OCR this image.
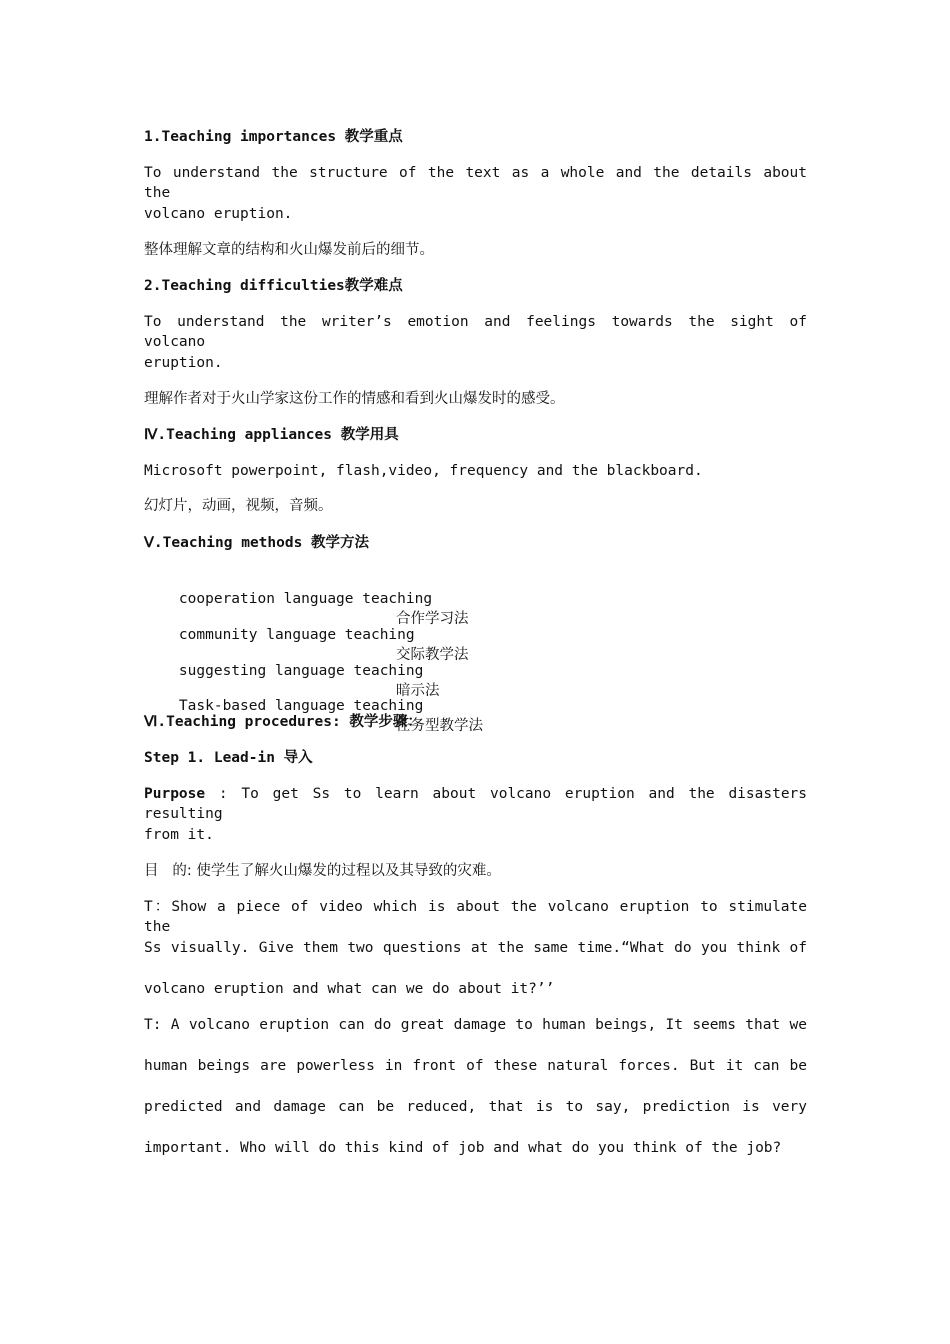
1.Teaching importances 教学重点
To understand the structure of the text as a whole and the details about the
volcano eruption.
整体理解文章的结构和火山爆发前后的细节。
2.Teaching difficulties教学难点
To understand the writer’s emotion and feelings towards the sight of volcano
eruption.
理解作者对于火山学家这份工作的情感和看到火山爆发时的感受。
Ⅳ.Teaching appliances 教学用具
Microsoft powerpoint, flash,video, frequency and the blackboard.
幻灯片，动画，视频，音频。
Ⅴ.Teaching methods 教学方法

cooperation language teaching

合作学习法

community language teaching

交际教学法

suggesting language teaching

暗示法

Task-based language teaching

任务型教学法

Ⅵ.Teaching procedures: 教学步骤：
Step 1. Lead-in 导入
Purpose : To get Ss to learn about volcano eruption and the disasters resulting
from it.
目   的: 使学生了解火山爆发的过程以及其导致的灾难。
T：Show a piece of video which is about the volcano eruption to stimulate the
Ss visually. Give them two questions at the same time.“What do you think of
volcano eruption and what can we do about it?’’
T: A volcano eruption can do great damage to human beings, It seems that we
human beings are powerless in front of these natural forces. But it can be
predicted and damage can be reduced, that is to say, prediction is very
important. Who will do this kind of job and what do you think of the job?
